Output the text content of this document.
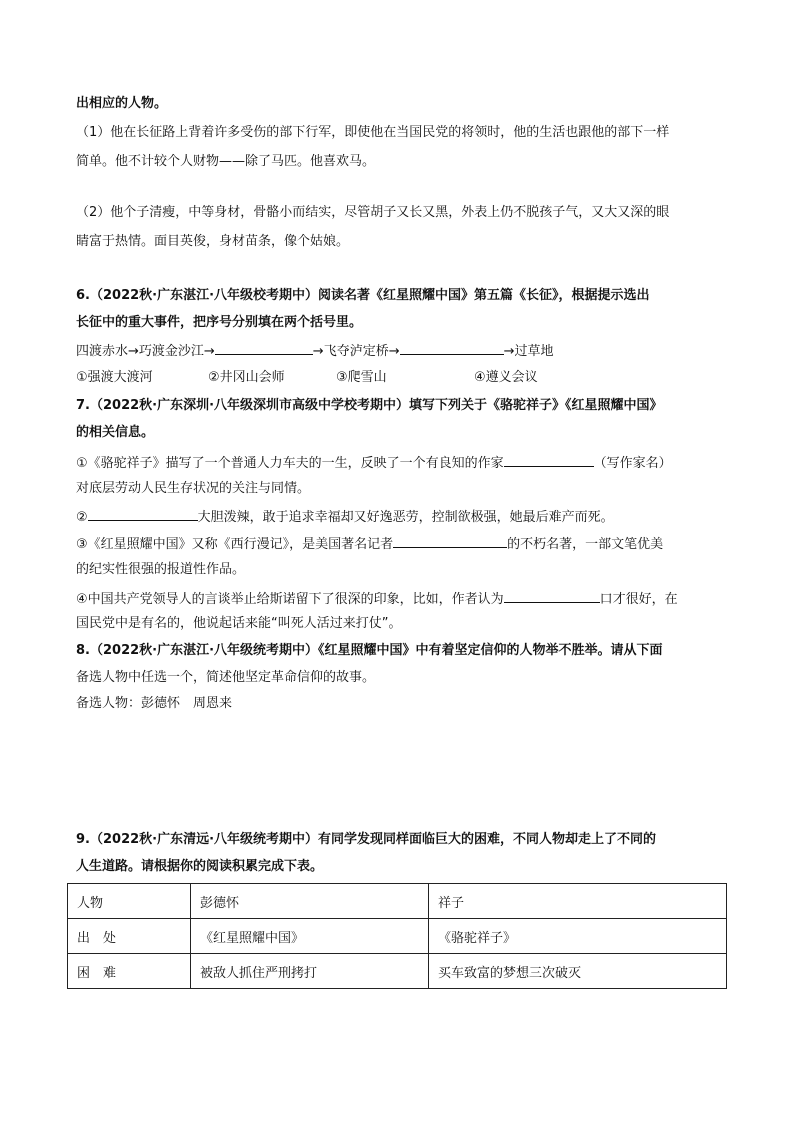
出相应的人物。
（1）他在长征路上背着许多受伤的部下行军，即使他在当国民党的将领时，他的生活也跟他的部下一样
简单。他不计较个人财物——除了马匹。他喜欢马。
（2）他个子清瘦，中等身材，骨骼小而结实，尽管胡子又长又黑，外表上仍不脱孩子气，又大又深的眼
睛富于热情。面目英俊，身材苗条，像个姑娘。
6.（2022秋·广东湛江·八年级校考期中）阅读名著《红星照耀中国》第五篇《长征》，根据提示选出
长征中的重大事件，把序号分别填在两个括号里。
四渡赤水→巧渡金沙江→	→飞夺泸定桥→	→过草地
①强渡大渡河	②井冈山会师	③爬雪山	④遵义会议
7.（2022秋·广东深圳·八年级深圳市高级中学校考期中）填写下列关于《骆驼祥子》《红星照耀中国》
的相关信息。
①《骆驼祥子》描写了一个普通人力车夫的一生，反映了一个有良知的作家	（写作家名）
对底层劳动人民生存状况的关注与同情。
②	大胆泼辣，敢于追求幸福却又好逸恶劳，控制欲极强，她最后难产而死。
③《红星照耀中国》又称《西行漫记》，是美国著名记者	的不朽名著，一部文笔优美
的纪实性很强的报道性作品。
④中国共产党领导人的言谈举止给斯诺留下了很深的印象，比如，作者认为	口才很好，在
国民党中是有名的，他说起话来能“叫死人活过来打仗”。
8.（2022秋·广东湛江·八年级统考期中）《红星照耀中国》中有着坚定信仰的人物举不胜举。请从下面
备选人物中任选一个，简述他坚定革命信仰的故事。
备选人物：彭德怀　周恩来
9.（2022秋·广东清远·八年级统考期中）有同学发现同样面临巨大的困难，不同人物却走上了不同的
人生道路。请根据你的阅读积累完成下表。
人物	彭德怀	祥子
出　处	《红星照耀中国》	《骆驼祥子》
困　难	被敌人抓住严刑拷打	买车致富的梦想三次破灭
